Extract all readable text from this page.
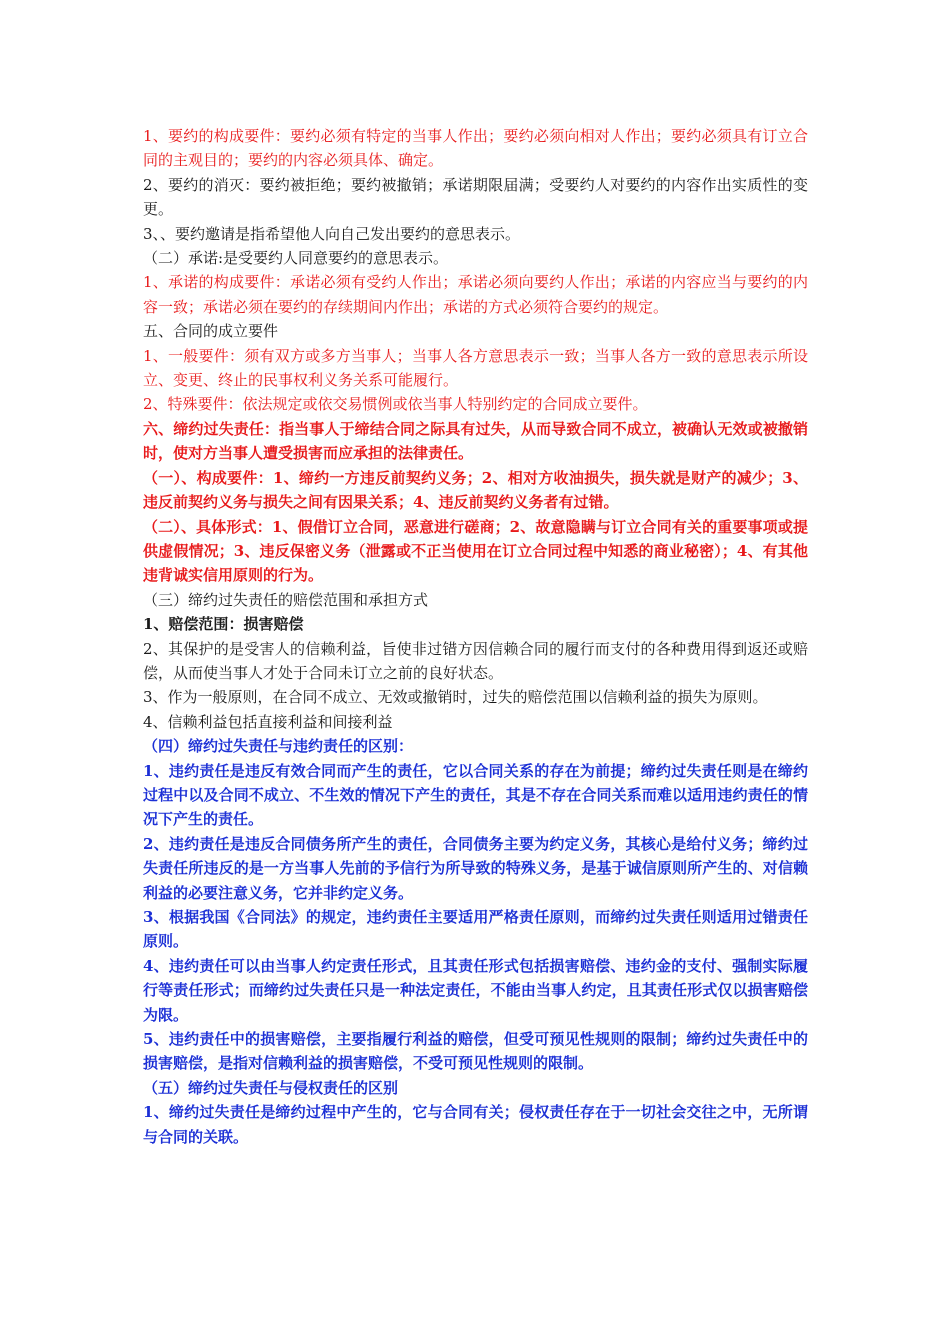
1、要约的构成要件：要约必须有特定的当事人作出；要约必须向相对人作出；要约必须具有订立合同的主观目的；要约的内容必须具体、确定。

2、要约的消灭：要约被拒绝；要约被撤销；承诺期限届满；受要约人对要约的内容作出实质性的变更。

3、、要约邀请是指希望他人向自己发出要约的意思表示。

（二）承诺:是受要约人同意要约的意思表示。

1、承诺的构成要件：承诺必须有受约人作出；承诺必须向要约人作出；承诺的内容应当与要约的内容一致；承诺必须在要约的存续期间内作出；承诺的方式必须符合要约的规定。

五、合同的成立要件

1、一般要件：须有双方或多方当事人；当事人各方意思表示一致；当事人各方一致的意思表示所设立、变更、终止的民事权利义务关系可能履行。

2、特殊要件：依法规定或依交易惯例或依当事人特别约定的合同成立要件。

六、缔约过失责任：指当事人于缔结合同之际具有过失，从而导致合同不成立，被确认无效或被撤销时，使对方当事人遭受损害而应承担的法律责任。

（一）、构成要件：1、缔约一方违反前契约义务；2、相对方收油损失，损失就是财产的减少；3、违反前契约义务与损失之间有因果关系；4、违反前契约义务者有过错。

（二）、具体形式：1、假借订立合同，恶意进行磋商；2、故意隐瞒与订立合同有关的重要事项或提供虚假情况；3、违反保密义务（泄露或不正当使用在订立合同过程中知悉的商业秘密）；4、有其他违背诚实信用原则的行为。

（三）缔约过失责任的赔偿范围和承担方式

1、赔偿范围：损害赔偿

2、其保护的是受害人的信赖利益，旨使非过错方因信赖合同的履行而支付的各种费用得到返还或赔偿，从而使当事人才处于合同未订立之前的良好状态。

3、作为一般原则，在合同不成立、无效或撤销时，过失的赔偿范围以信赖利益的损失为原则。

4、信赖利益包括直接利益和间接利益

（四）缔约过失责任与违约责任的区别：

1、违约责任是违反有效合同而产生的责任，它以合同关系的存在为前提；缔约过失责任则是在缔约过程中以及合同不成立、不生效的情况下产生的责任，其是不存在合同关系而难以适用违约责任的情况下产生的责任。

2、违约责任是违反合同债务所产生的责任，合同债务主要为约定义务，其核心是给付义务；缔约过失责任所违反的是一方当事人先前的予信行为所导致的特殊义务，是基于诚信原则所产生的、对信赖利益的必要注意义务，它并非约定义务。

3、根据我国《合同法》的规定，违约责任主要适用严格责任原则，而缔约过失责任则适用过错责任原则。

4、违约责任可以由当事人约定责任形式，且其责任形式包括损害赔偿、违约金的支付、强制实际履行等责任形式；而缔约过失责任只是一种法定责任，不能由当事人约定，且其责任形式仅以损害赔偿为限。

5、违约责任中的损害赔偿，主要指履行利益的赔偿，但受可预见性规则的限制；缔约过失责任中的损害赔偿，是指对信赖利益的损害赔偿，不受可预见性规则的限制。

（五）缔约过失责任与侵权责任的区别

1、缔约过失责任是缔约过程中产生的，它与合同有关；侵权责任存在于一切社会交往之中，无所谓与合同的关联。
